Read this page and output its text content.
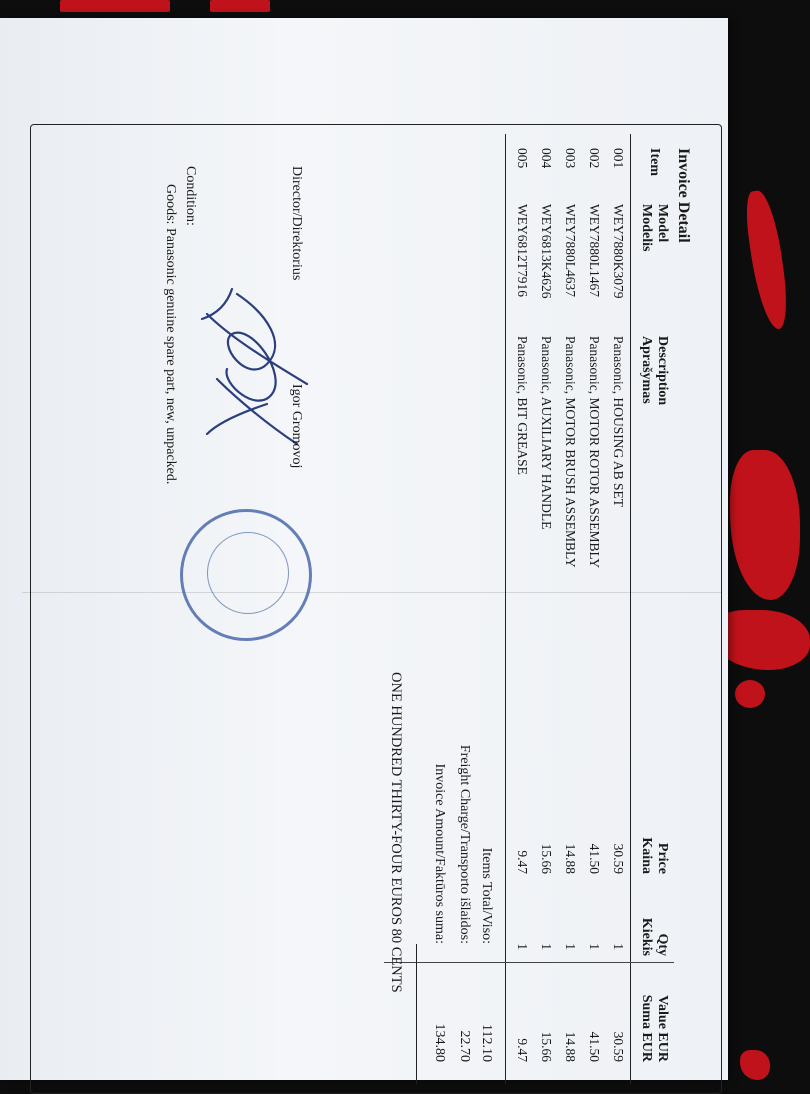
Invoice Detail
Item
Model
Modelis
Description
Aprašymas
Price
Kaina
Qty
Kiekis
Value EUR
Suma EUR
001
WEY7880K3079
Panasonic, HOUSING AB SET
30.59
1
30.59
002
WEY7880L1467
Panasonic, MOTOR ROTOR ASSEMBLY
41.50
1
41.50
003
WEY7880L4637
Panasonic, MOTOR BRUSH ASSEMBLY
14.88
1
14.88
004
WEY6813K4626
Panasonic, AUXILIARY HANDLE
15.66
1
15.66
005
WEY6812T7916
Panasonic, BIT GREASE
9.47
1
9.47
Items Total/Viso:
112.10
Freight Charge/Transporto išlaidos:
22.70
Invoice Amount/Faktūros suma:
134.80
ONE HUNDRED THIRTY-FOUR EUROS 80 CENTS
Director/Direktorius
Igor Gromovoj
Condition:
Goods: Panasonic genuine spare part, new, unpacked.
